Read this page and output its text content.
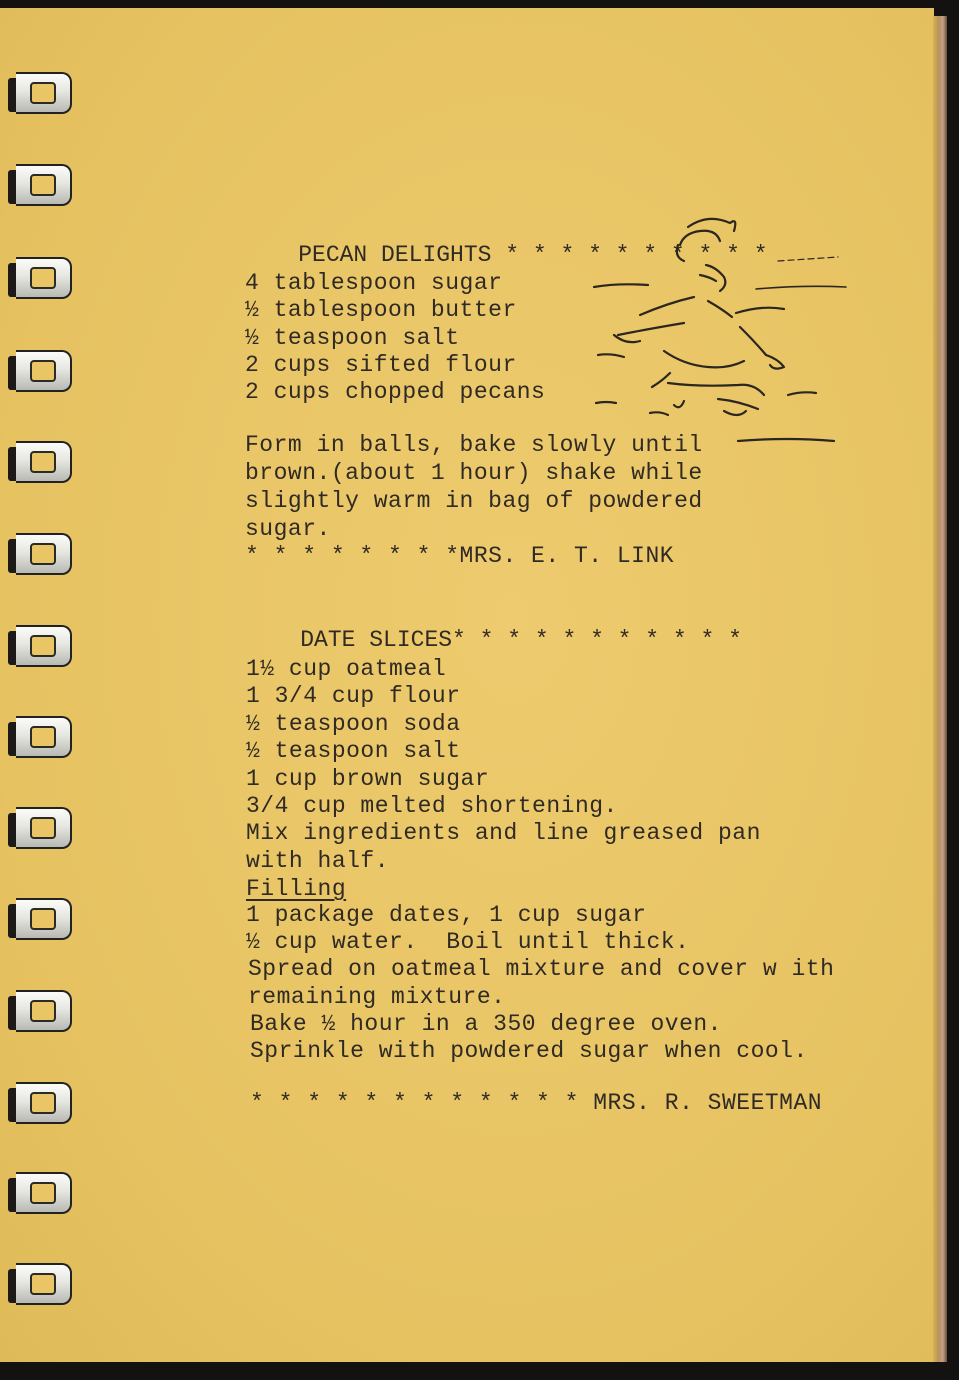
PECAN DELIGHTS * * * * * * * * * *

4 tablespoon sugar
½ tablespoon butter
½ teaspoon salt
2 cups sifted flour
2 cups chopped pecans
Form in balls, bake slowly until
brown.(about 1 hour) shake while
slightly warm in bag of powdered
sugar.
* * * * * * * *MRS. E. T. LINK

DATE SLICES* * * * * * * * * * *

1½ cup oatmeal
1 3/4 cup flour
½ teaspoon soda
½ teaspoon salt
1 cup brown sugar
3/4 cup melted shortening.
Mix ingredients and line greased pan
with half.
Filling
1 package dates, 1 cup sugar
½ cup water.  Boil until thick.
Spread on oatmeal mixture and cover w ith
remaining mixture.
Bake ½ hour in a 350 degree oven.
Sprinkle with powdered sugar when cool.
* * * * * * * * * * * * MRS. R. SWEETMAN
